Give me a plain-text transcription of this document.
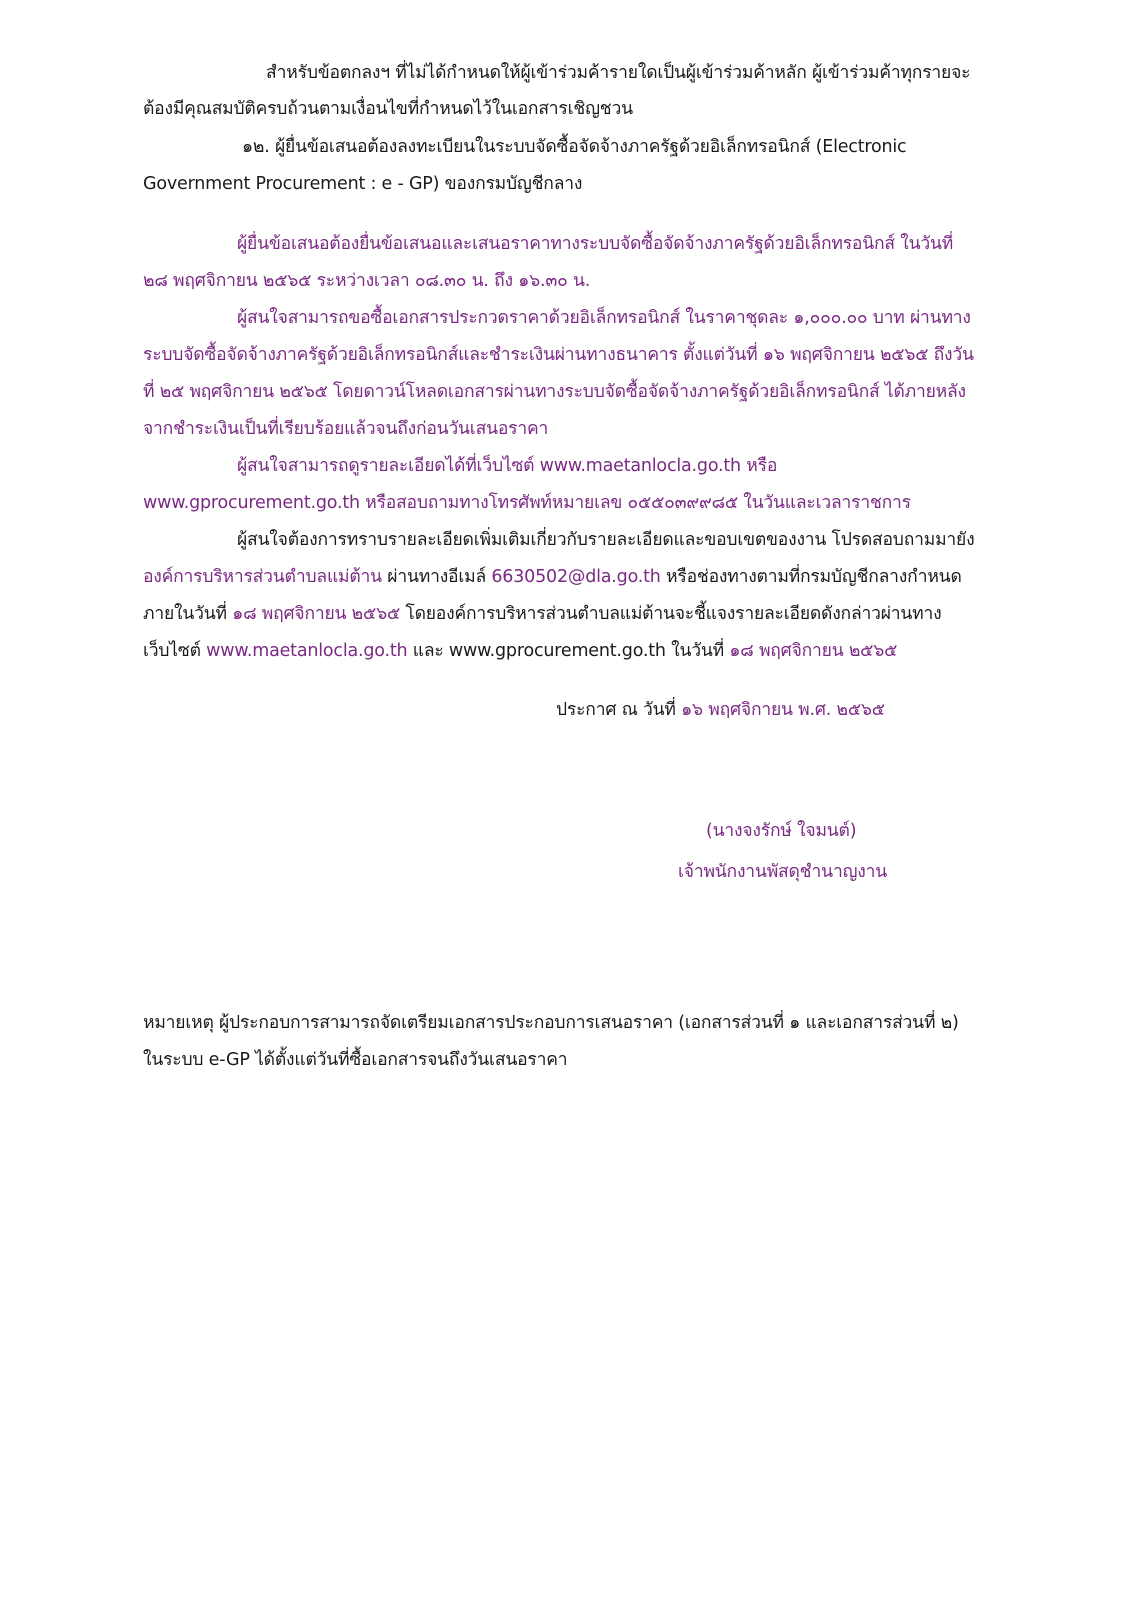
สำหรับข้อตกลงฯ ที่ไม่ได้กำหนดให้ผู้เข้าร่วมค้ารายใดเป็นผู้เข้าร่วมค้าหลัก ผู้เข้าร่วมค้าทุกรายจะ
ต้องมีคุณสมบัติครบถ้วนตามเงื่อนไขที่กำหนดไว้ในเอกสารเชิญชวน
๑๒. ผู้ยื่นข้อเสนอต้องลงทะเบียนในระบบจัดซื้อจัดจ้างภาครัฐด้วยอิเล็กทรอนิกส์ (Electronic
Government Procurement : e - GP) ของกรมบัญชีกลาง
ผู้ยื่นข้อเสนอต้องยื่นข้อเสนอและเสนอราคาทางระบบจัดซื้อจัดจ้างภาครัฐด้วยอิเล็กทรอนิกส์ ในวันที่
๒๘ พฤศจิกายน ๒๕๖๕ ระหว่างเวลา ๐๘.๓๐ น. ถึง ๑๖.๓๐ น.
ผู้สนใจสามารถขอซื้อเอกสารประกวดราคาด้วยอิเล็กทรอนิกส์ ในราคาชุดละ ๑,๐๐๐.๐๐ บาท ผ่านทาง
ระบบจัดซื้อจัดจ้างภาครัฐด้วยอิเล็กทรอนิกส์และชำระเงินผ่านทางธนาคาร ตั้งแต่วันที่ ๑๖ พฤศจิกายน ๒๕๖๕ ถึงวัน
ที่ ๒๕ พฤศจิกายน ๒๕๖๕ โดยดาวน์โหลดเอกสารผ่านทางระบบจัดซื้อจัดจ้างภาครัฐด้วยอิเล็กทรอนิกส์ ได้ภายหลัง
จากชำระเงินเป็นที่เรียบร้อยแล้วจนถึงก่อนวันเสนอราคา
ผู้สนใจสามารถดูรายละเอียดได้ที่เว็บไซต์ www.maetanlocla.go.th หรือ
www.gprocurement.go.th หรือสอบถามทางโทรศัพท์หมายเลข ๐๕๕๐๓๙๙๘๕ ในวันและเวลาราชการ
ผู้สนใจต้องการทราบรายละเอียดเพิ่มเติมเกี่ยวกับรายละเอียดและขอบเขตของงาน โปรดสอบถามมายัง
องค์การบริหารส่วนตำบลแม่ต้าน ผ่านทางอีเมล์ 6630502@dla.go.th หรือช่องทางตามที่กรมบัญชีกลางกำหนด
ภายในวันที่ ๑๘ พฤศจิกายน ๒๕๖๕ โดยองค์การบริหารส่วนตำบลแม่ต้านจะชี้แจงรายละเอียดดังกล่าวผ่านทาง
เว็บไซต์ www.maetanlocla.go.th และ www.gprocurement.go.th ในวันที่ ๑๘ พฤศจิกายน ๒๕๖๕
ประกาศ ณ วันที่ ๑๖ พฤศจิกายน พ.ศ. ๒๕๖๕
(นางจงรักษ์ ใจมนต์)
เจ้าพนักงานพัสดุชำนาญงาน
หมายเหตุ ผู้ประกอบการสามารถจัดเตรียมเอกสารประกอบการเสนอราคา (เอกสารส่วนที่ ๑ และเอกสารส่วนที่ ๒)
ในระบบ e-GP ได้ตั้งแต่วันที่ซื้อเอกสารจนถึงวันเสนอราคา
